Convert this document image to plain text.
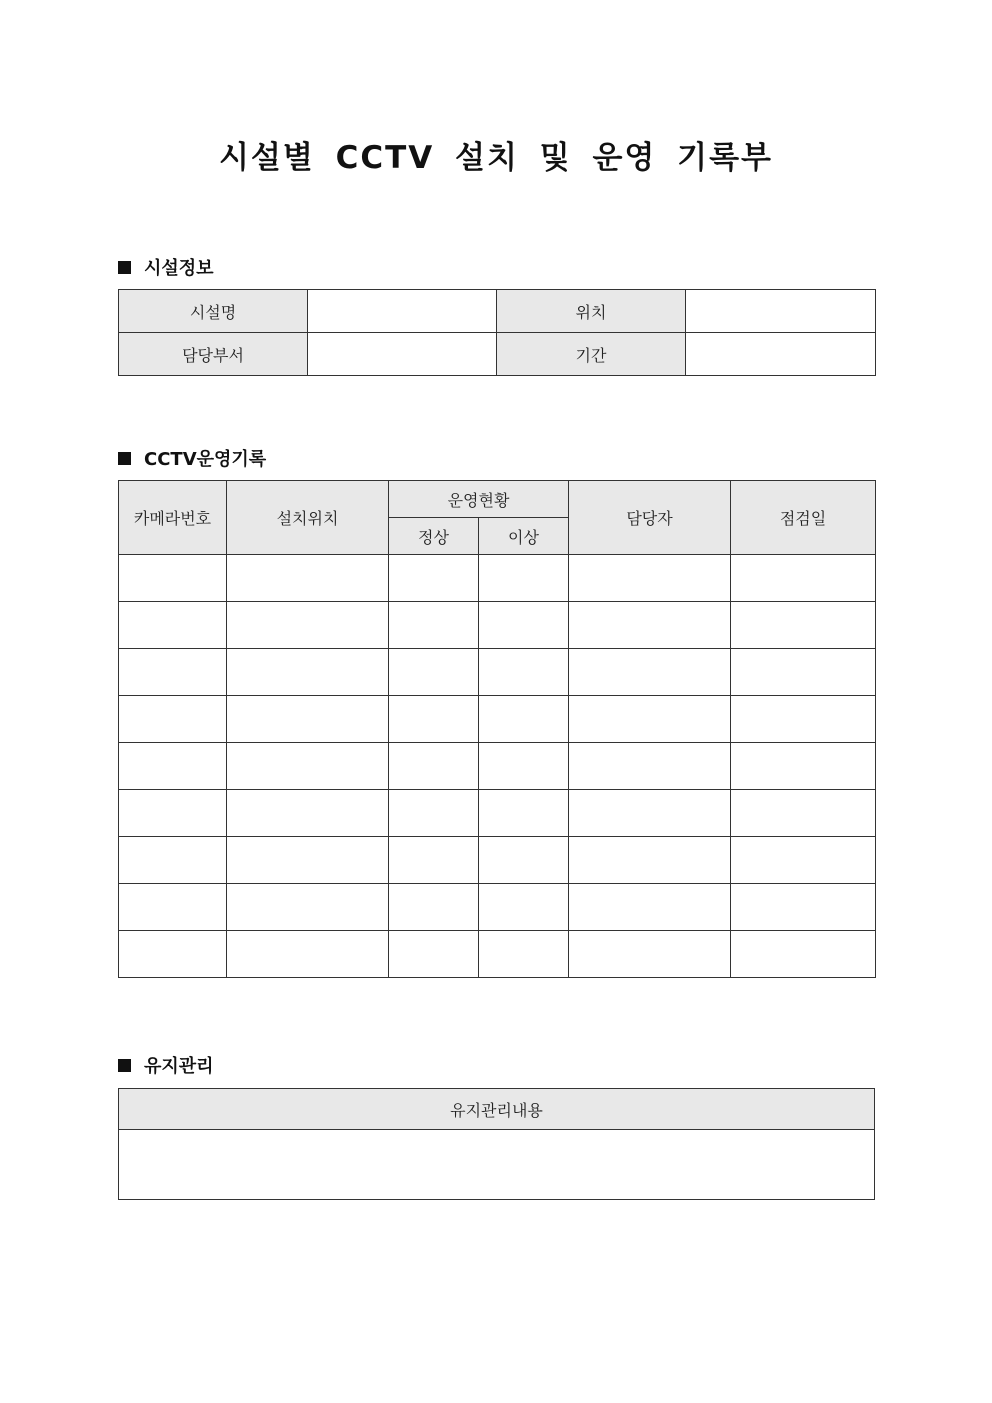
시설별 CCTV 설치 및 운영 기록부
시설정보
시설명		위치	
담당부서		기간	
CCTV운영기록
카메라번호	설치위치	운영현황		담당자	점검일
		정상	이상		

유지관리
유지관리내용
